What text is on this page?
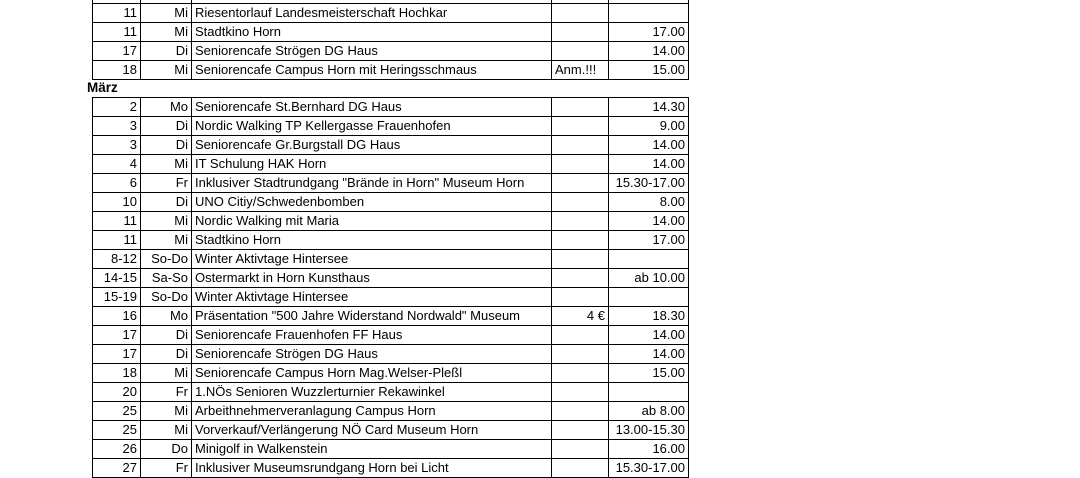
11	Mi	Riesentorlauf Landesmeisterschaft Hochkar		
11	Mi	Stadtkino Horn		17.00
17	Di	Seniorencafe Strögen DG Haus		14.00
18	Mi	Seniorencafe Campus Horn mit Heringsschmaus	Anm.!!!	15.00
März
2	Mo	Seniorencafe St.Bernhard DG Haus		14.30
3	Di	Nordic Walking TP Kellergasse Frauenhofen		9.00
3	Di	Seniorencafe Gr.Burgstall DG Haus		14.00
4	Mi	IT Schulung HAK Horn		14.00
6	Fr	Inklusiver Stadtrundgang "Brände in Horn" Museum Horn		15.30-17.00
10	Di	UNO Citiy/Schwedenbomben		8.00
11	Mi	Nordic Walking mit Maria		14.00
11	Mi	Stadtkino Horn		17.00
8-12	So-Do	Winter Aktivtage Hintersee		
14-15	Sa-So	Ostermarkt in Horn Kunsthaus		ab 10.00
15-19	So-Do	Winter Aktivtage Hintersee		
16	Mo	Präsentation "500 Jahre Widerstand Nordwald" Museum	4 €	18.30
17	Di	Seniorencafe Frauenhofen FF Haus		14.00
17	Di	Seniorencafe Strögen DG Haus		14.00
18	Mi	Seniorencafe Campus Horn Mag.Welser-Pleßl		15.00
20	Fr	1.NÖs Senioren Wuzzlerturnier Rekawinkel		
25	Mi	Arbeithnehmerveranlagung Campus Horn		ab 8.00
25	Mi	Vorverkauf/Verlängerung NÖ Card Museum Horn		13.00-15.30
26	Do	Minigolf in Walkenstein		16.00
27	Fr	Inklusiver Museumsrundgang Horn bei Licht		15.30-17.00
